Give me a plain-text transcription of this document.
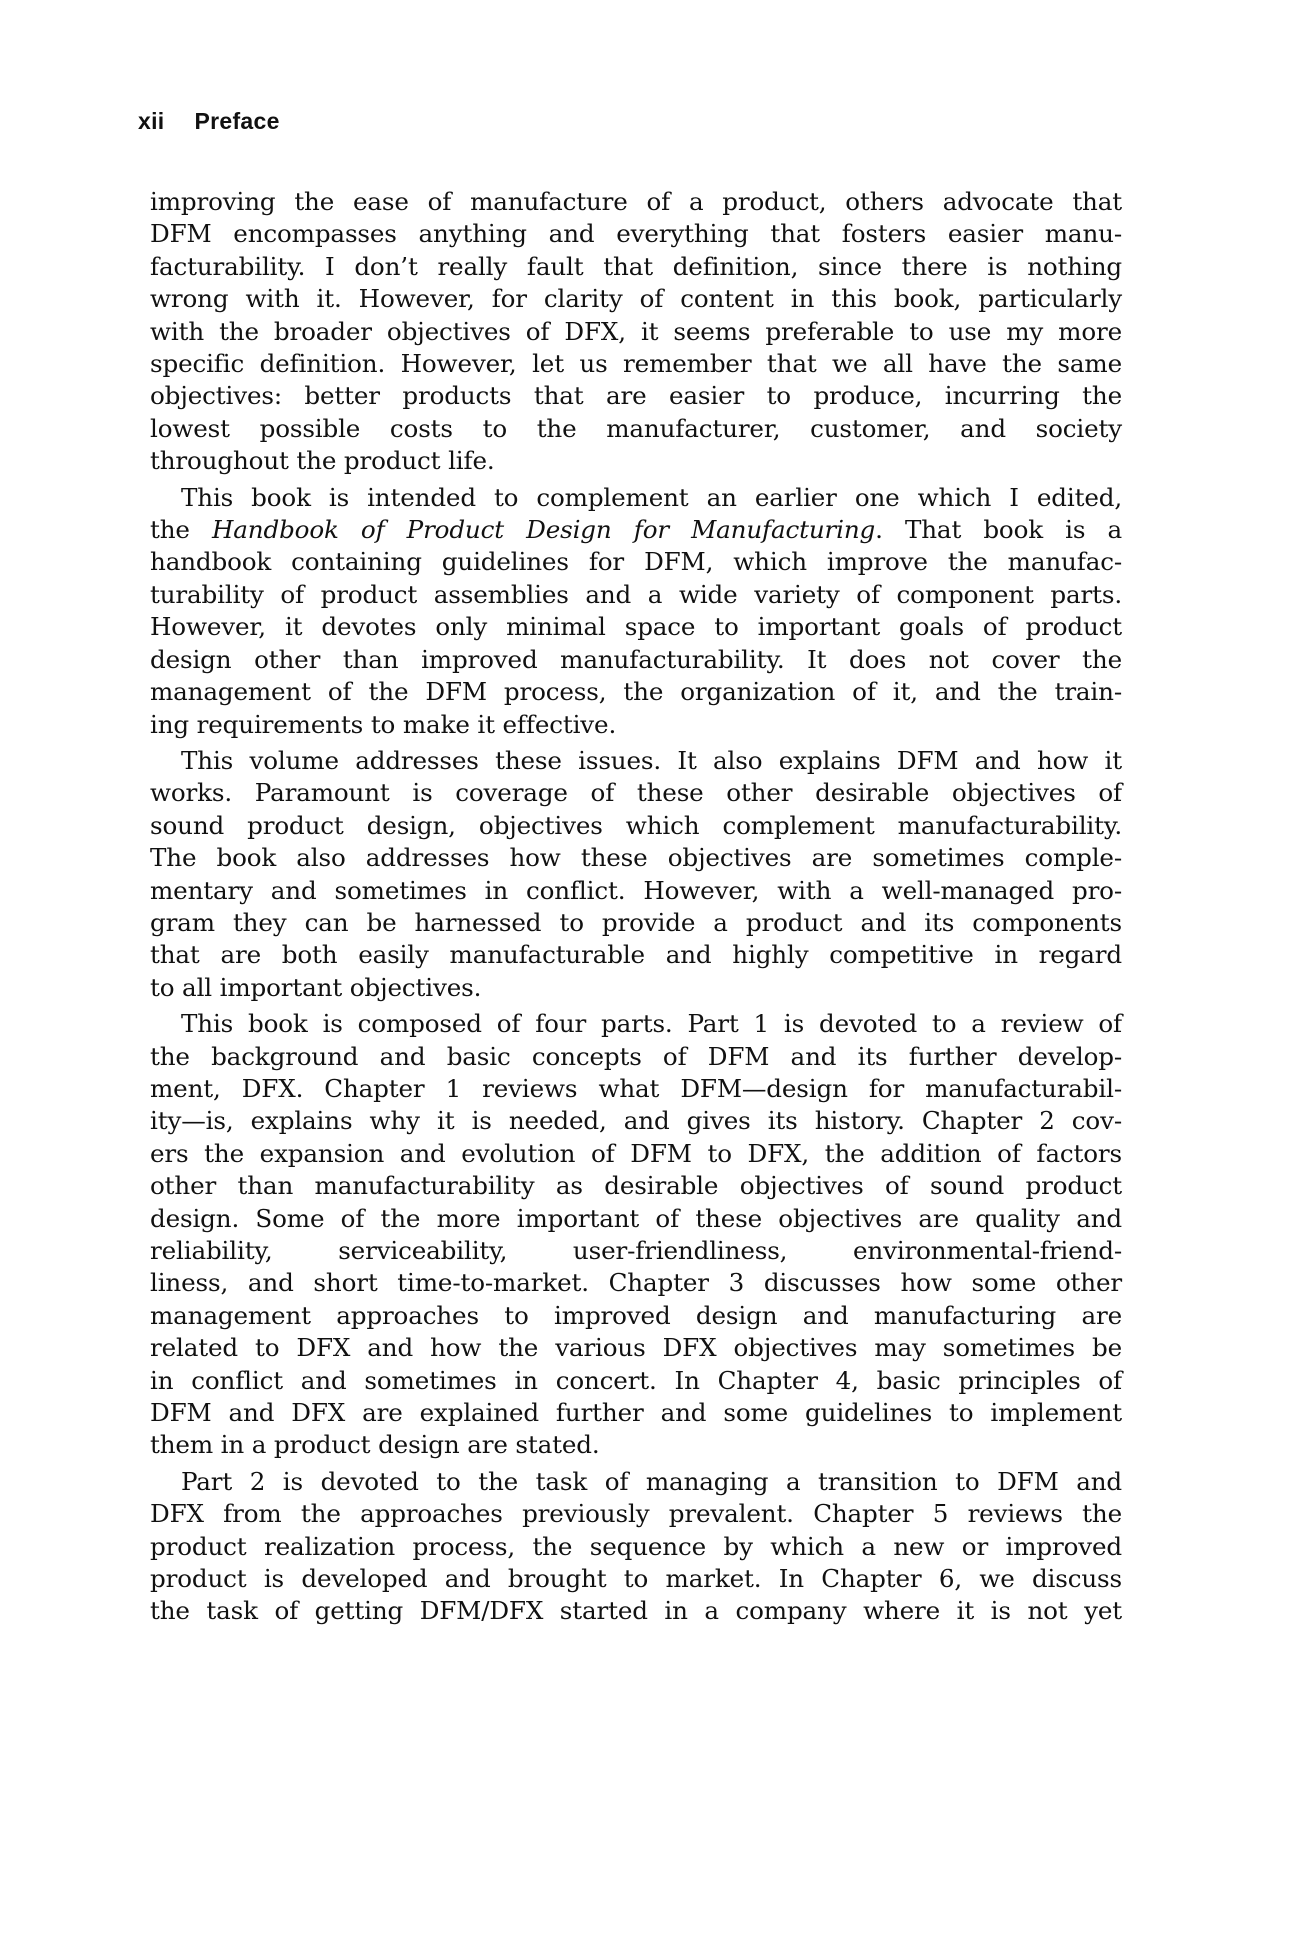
xii Preface
improving the ease of manufacture of a product, others advocate that
DFM encompasses anything and everything that fosters easier manu-
facturability. I don’t really fault that definition, since there is nothing
wrong with it. However, for clarity of content in this book, particularly
with the broader objectives of DFX, it seems preferable to use my more
specific definition. However, let us remember that we all have the same
objectives: better products that are easier to produce, incurring the
lowest possible costs to the manufacturer, customer, and society
throughout the product life.
This book is intended to complement an earlier one which I edited,
the Handbook of Product Design for Manufacturing. That book is a
handbook containing guidelines for DFM, which improve the manufac-
turability of product assemblies and a wide variety of component parts.
However, it devotes only minimal space to important goals of product
design other than improved manufacturability. It does not cover the
management of the DFM process, the organization of it, and the train-
ing requirements to make it effective.
This volume addresses these issues. It also explains DFM and how it
works. Paramount is coverage of these other desirable objectives of
sound product design, objectives which complement manufacturability.
The book also addresses how these objectives are sometimes comple-
mentary and sometimes in conflict. However, with a well-managed pro-
gram they can be harnessed to provide a product and its components
that are both easily manufacturable and highly competitive in regard
to all important objectives.
This book is composed of four parts. Part 1 is devoted to a review of
the background and basic concepts of DFM and its further develop-
ment, DFX. Chapter 1 reviews what DFM—design for manufacturabil-
ity—is, explains why it is needed, and gives its history. Chapter 2 cov-
ers the expansion and evolution of DFM to DFX, the addition of factors
other than manufacturability as desirable objectives of sound product
design. Some of the more important of these objectives are quality and
reliability, serviceability, user-friendliness, environmental-friend-
liness, and short time-to-market. Chapter 3 discusses how some other
management approaches to improved design and manufacturing are
related to DFX and how the various DFX objectives may sometimes be
in conflict and sometimes in concert. In Chapter 4, basic principles of
DFM and DFX are explained further and some guidelines to implement
them in a product design are stated.
Part 2 is devoted to the task of managing a transition to DFM and
DFX from the approaches previously prevalent. Chapter 5 reviews the
product realization process, the sequence by which a new or improved
product is developed and brought to market. In Chapter 6, we discuss
the task of getting DFM/DFX started in a company where it is not yet
